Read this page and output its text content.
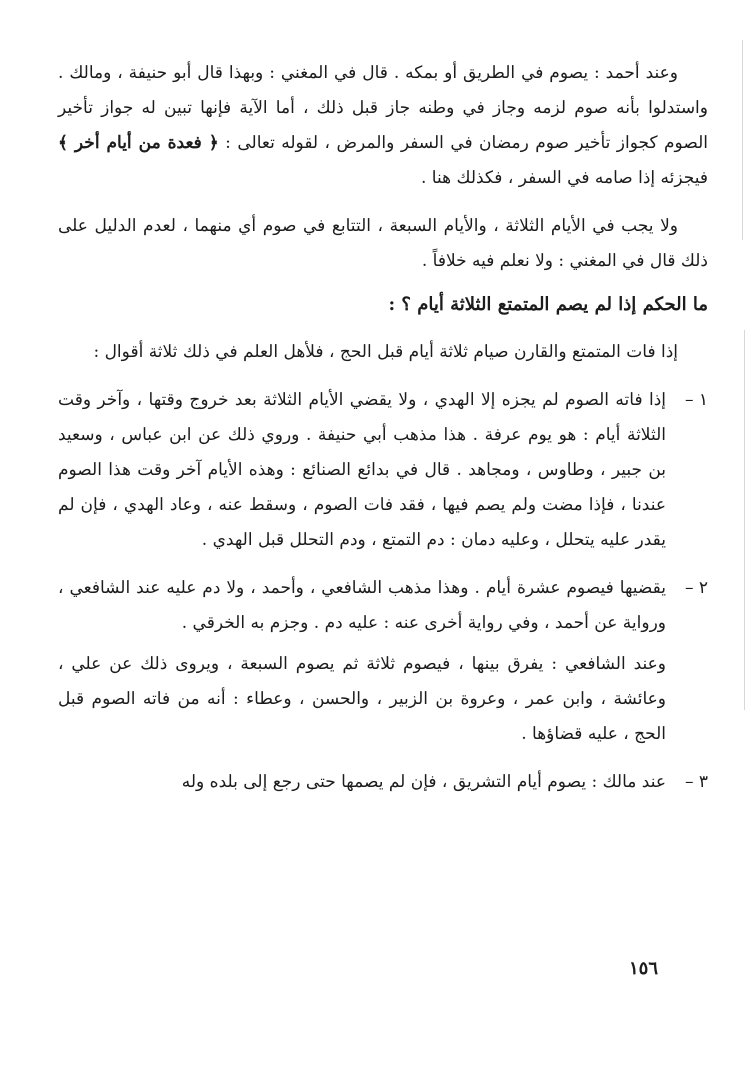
وعند أحمد : يصوم في الطريق أو بمكه . قال في المغني : وبهذا قال أبو حنيفة ، ومالك . واستدلوا بأنه صوم لزمه وجاز في وطنه جاز قبل ذلك ، أما الآية فإنها تبين له جواز تأخير الصوم كجواز تأخير صوم رمضان في السفر والمرض ، لقوله تعالى : ﴿ فعدة من أيام أخر ﴾ فيجزئه إذا صامه في السفر ، فكذلك هنا .

ولا يجب في الأيام الثلاثة ، والأيام السبعة ، التتابع في صوم أي منهما ، لعدم الدليل على ذلك قال في المغني : ولا نعلم فيه خلافاً .

ما الحكم إذا لم يصم المتمتع الثلاثة أيام ؟ :

إذا فات المتمتع والقارن صيام ثلاثة أيام قبل الحج ، فلأهل العلم في ذلك ثلاثة أقوال :

١ –

إذا فاته الصوم لم يجزه إلا الهدي ، ولا يقضي الأيام الثلاثة بعد خروج وقتها ، وآخر وقت الثلاثة أيام : هو يوم عرفة . هذا مذهب أبي حنيفة . وروي ذلك عن ابن عباس ، وسعيد بن جبير ، وطاوس ، ومجاهد . قال في بدائع الصنائع : وهذه الأيام آخر وقت هذا الصوم عندنا ، فإذا مضت ولم يصم فيها ، فقد فات الصوم ، وسقط عنه ، وعاد الهدي ، فإن لم يقدر عليه يتحلل ، وعليه دمان : دم التمتع ، ودم التحلل قبل الهدي .

٢ –

يقضيها فيصوم عشرة أيام . وهذا مذهب الشافعي ، وأحمد ، ولا دم عليه عند الشافعي ، ورواية عن أحمد ، وفي رواية أخرى عنه : عليه دم . وجزم به الخرقي .

وعند الشافعي : يفرق بينها ، فيصوم ثلاثة ثم يصوم السبعة ، ويروى ذلك عن علي ، وعائشة ، وابن عمر ، وعروة بن الزبير ، والحسن ، وعطاء : أنه من فاته الصوم قبل الحج ، عليه قضاؤها .

٣ –

عند مالك : يصوم أيام التشريق ، فإن لم يصمها حتى رجع إلى بلده وله

١٥٦
